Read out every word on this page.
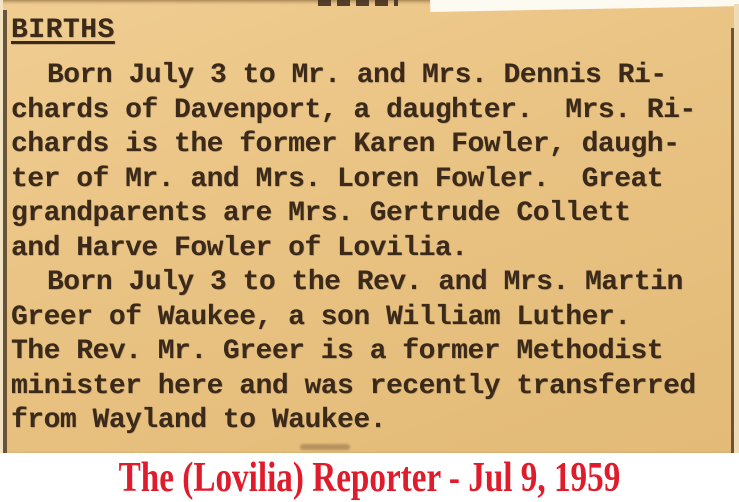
BIRTHS
Born July 3 to Mr. and Mrs. Dennis Ri-
chards of Davenport, a daughter.  Mrs. Ri-
chards is the former Karen Fowler, daugh-
ter of Mr. and Mrs. Loren Fowler.  Great
grandparents are Mrs. Gertrude Collett
and Harve Fowler of Lovilia.
Born July 3 to the Rev. and Mrs. Martin
Greer of Waukee, a son William Luther.
The Rev. Mr. Greer is a former Methodist
minister here and was recently transferred
from Wayland to Waukee.
The (Lovilia) Reporter - Jul 9, 1959
